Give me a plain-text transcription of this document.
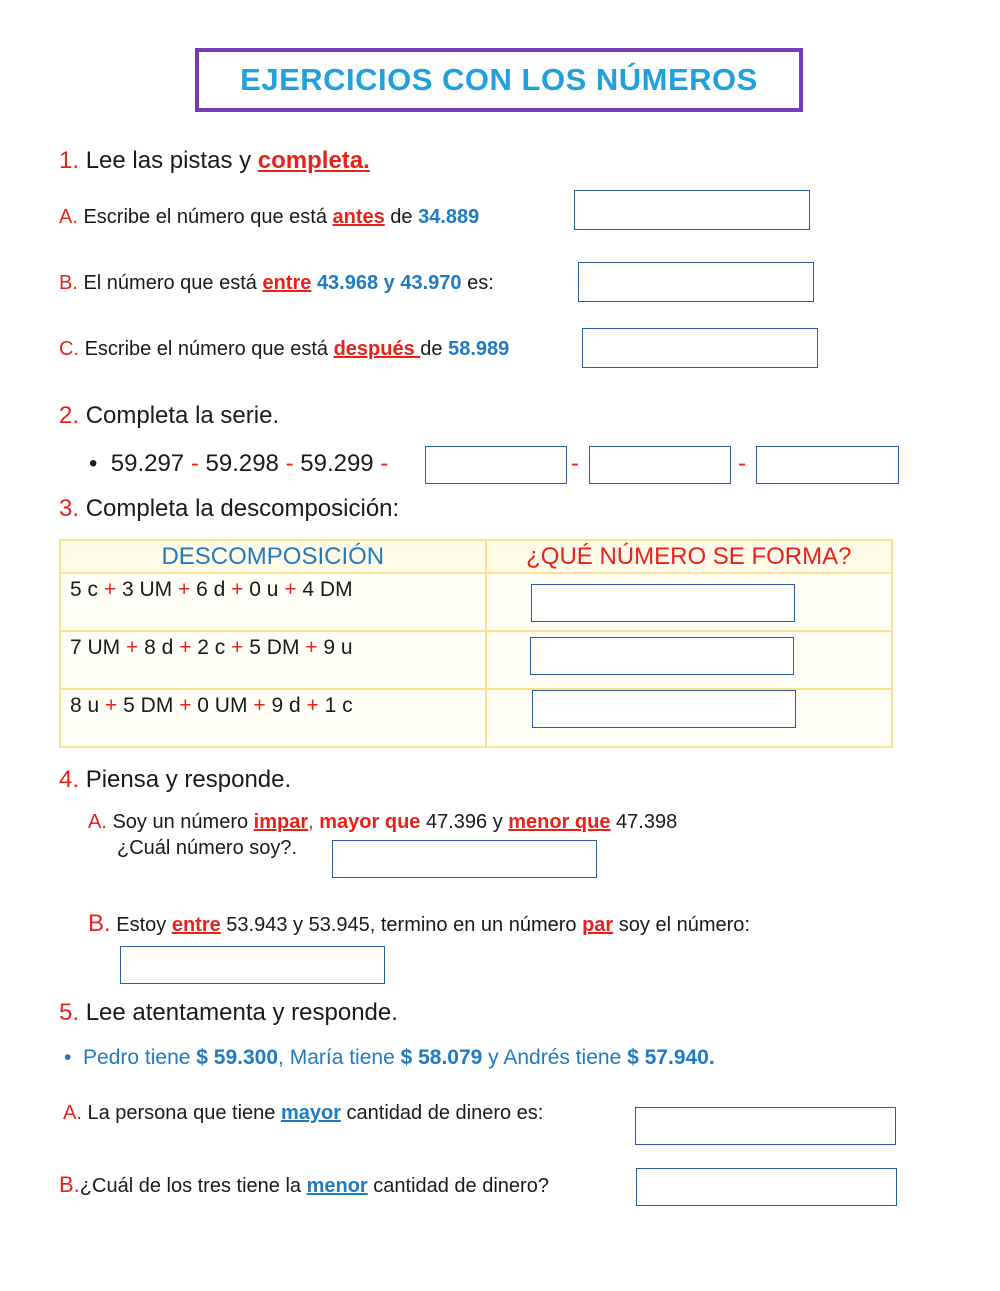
EJERCICIOS CON LOS NÚMEROS
1. Lee las pistas y completa.
A. Escribe el número que está antes de 34.889
B. El número que está entre 43.968 y 43.970 es:
C. Escribe el número que está después de 58.989
2. Completa la serie.
• 59.297 - 59.298 - 59.299 -	-	-
3. Completa la descomposición:
DESCOMPOSICIÓN	¿QUÉ NÚMERO SE FORMA?
5 c + 3 UM + 6 d + 0 u + 4 DM	
7 UM + 8 d + 2 c + 5 DM + 9 u	
8 u + 5 DM + 0 UM + 9 d + 1 c	
4. Piensa y responde.
A. Soy un número impar, mayor que 47.396 y menor que 47.398
¿Cuál número soy?.
B. Estoy entre 53.943 y 53.945, termino en un número par soy el número:
5. Lee atentamenta y responde.
• Pedro tiene $ 59.300, María tiene $ 58.079 y Andrés tiene $ 57.940.
A. La persona que tiene mayor cantidad de dinero es:
B.¿Cuál de los tres tiene la menor cantidad de dinero?
